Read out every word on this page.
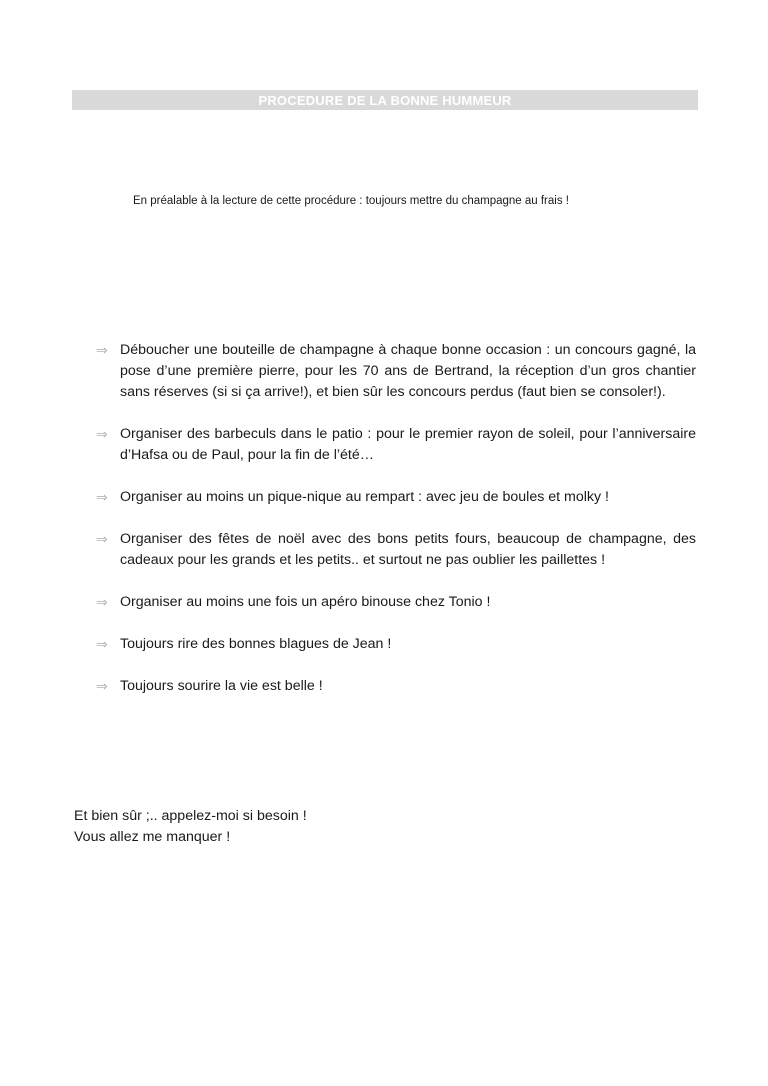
PROCEDURE DE LA BONNE HUMMEUR
En préalable à la lecture de cette procédure : toujours mettre du champagne au frais !
⇒ Déboucher une bouteille de champagne à chaque bonne occasion : un concours gagné, la pose d’une première pierre, pour les 70 ans de Bertrand, la réception d’un gros chantier sans réserves (si si ça arrive!), et bien sûr les concours perdus (faut bien se consoler!).
⇒ Organiser des barbeculs dans le patio : pour le premier rayon de soleil, pour l’anniversaire d’Hafsa ou de Paul, pour la fin de l’été…
⇒ Organiser au moins un pique-nique au rempart : avec jeu de boules et molky !
⇒ Organiser des fêtes de noël avec des bons petits fours, beaucoup de champagne, des cadeaux pour les grands et les petits.. et surtout ne pas oublier les paillettes !
⇒ Organiser au moins une fois un apéro binouse chez Tonio !
⇒ Toujours rire des bonnes blagues de Jean !
⇒ Toujours sourire la vie est belle !
Et bien sûr ;.. appelez-moi si besoin !
Vous allez me manquer !
